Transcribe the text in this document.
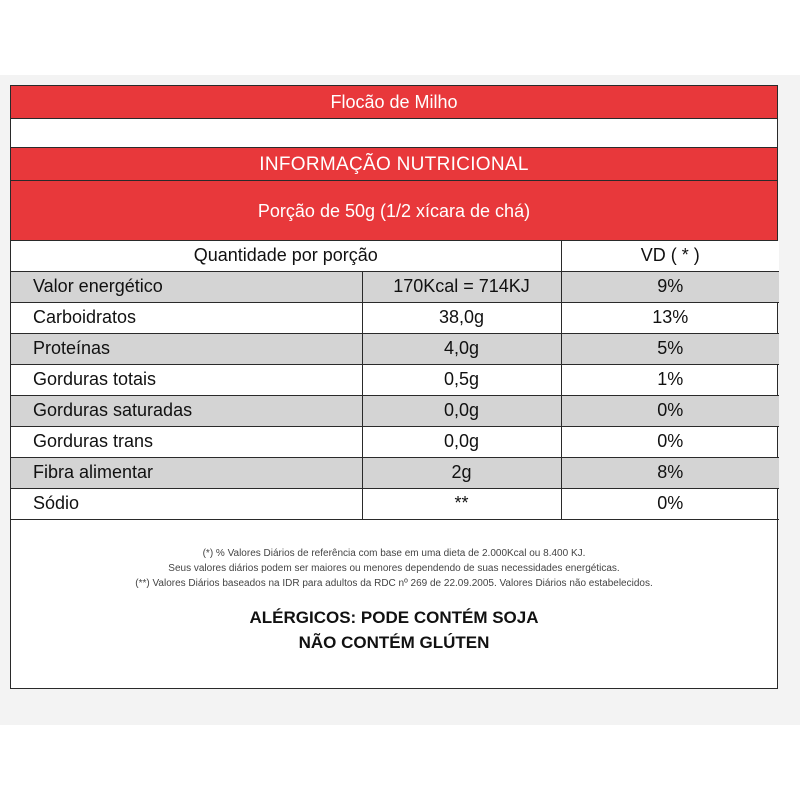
Flocão de Milho
INFORMAÇÃO NUTRICIONAL
Porção de 50g (1/2 xícara de chá)
Quantidade por porção		VD ( * )
Valor energético	170Kcal = 714KJ	9%
Carboidratos	38,0g	13%
Proteínas	4,0g	5%
Gorduras totais	0,5g	1%
Gorduras saturadas	0,0g	0%
Gorduras trans	0,0g	0%
Fibra alimentar	2g	8%
Sódio	**	0%
(*) % Valores Diários de referência com base em uma dieta de 2.000Kcal ou 8.400 KJ.
Seus valores diários podem ser maiores ou menores dependendo de suas necessidades energéticas.
(**) Valores Diários baseados na IDR para adultos da RDC nº 269 de 22.09.2005. Valores Diários não estabelecidos.
ALÉRGICOS: PODE CONTÉM SOJA
NÃO CONTÉM GLÚTEN
